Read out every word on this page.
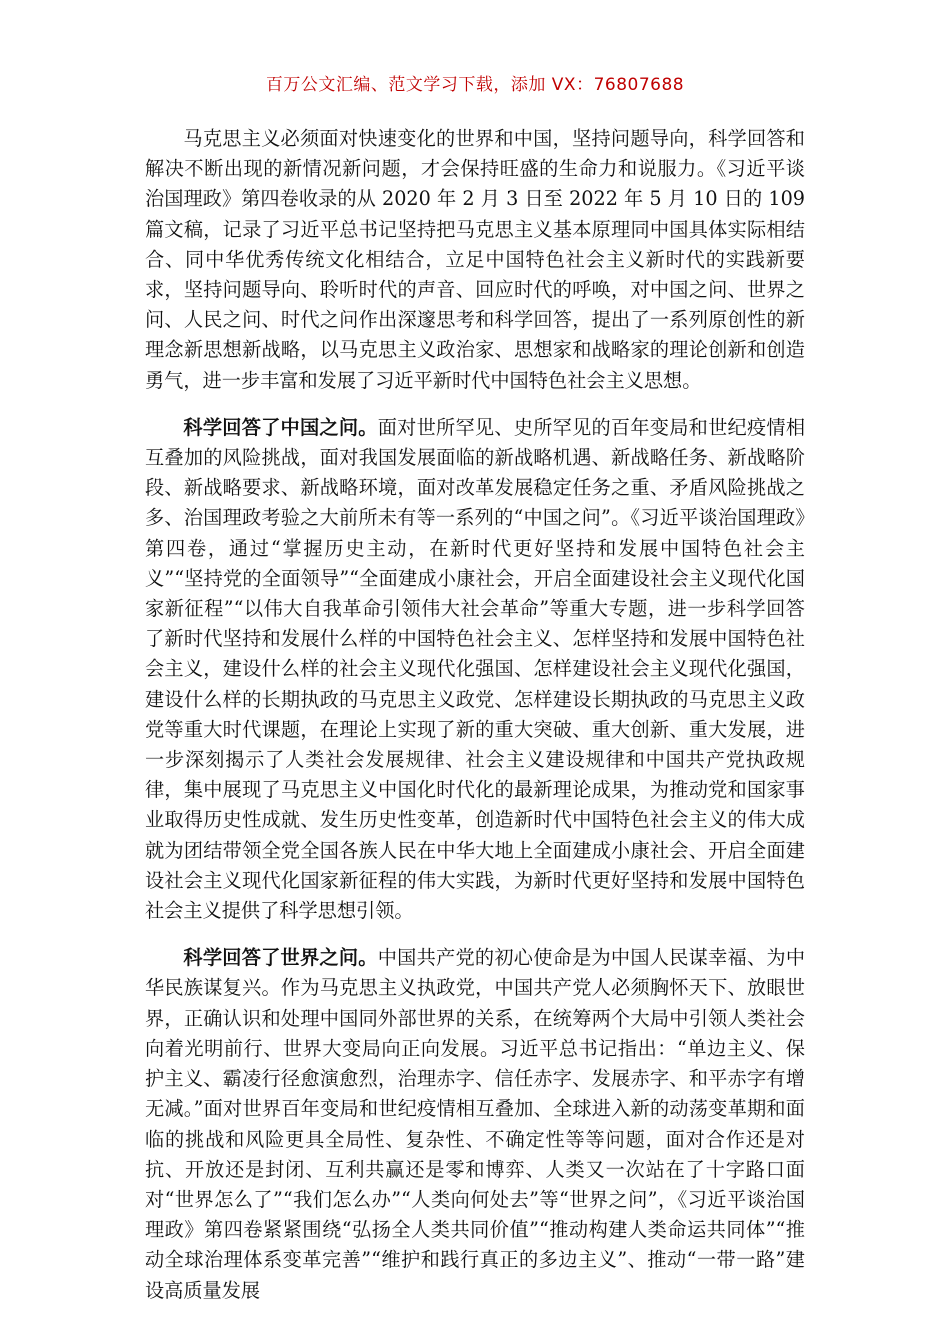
百万公文汇编、范文学习下载，添加 VX：76807688

马克思主义必须面对快速变化的世界和中国，坚持问题导向，科学回答和解决不断出现的新情况新问题，才会保持旺盛的生命力和说服力。《习近平谈治国理政》第四卷收录的从 2020 年 2 月 3 日至 2022 年 5 月 10 日的 109 篇文稿，记录了习近平总书记坚持把马克思主义基本原理同中国具体实际相结合、同中华优秀传统文化相结合，立足中国特色社会主义新时代的实践新要求，坚持问题导向、聆听时代的声音、回应时代的呼唤，对中国之问、世界之问、人民之问、时代之问作出深邃思考和科学回答，提出了一系列原创性的新理念新思想新战略，以马克思主义政治家、思想家和战略家的理论创新和创造勇气，进一步丰富和发展了习近平新时代中国特色社会主义思想。

科学回答了中国之问。面对世所罕见、史所罕见的百年变局和世纪疫情相互叠加的风险挑战，面对我国发展面临的新战略机遇、新战略任务、新战略阶段、新战略要求、新战略环境，面对改革发展稳定任务之重、矛盾风险挑战之多、治国理政考验之大前所未有等一系列的“中国之问”。《习近平谈治国理政》第四卷，通过“掌握历史主动，在新时代更好坚持和发展中国特色社会主义”“坚持党的全面领导”“全面建成小康社会，开启全面建设社会主义现代化国家新征程”“以伟大自我革命引领伟大社会革命”等重大专题，进一步科学回答了新时代坚持和发展什么样的中国特色社会主义、怎样坚持和发展中国特色社会主义，建设什么样的社会主义现代化强国、怎样建设社会主义现代化强国，建设什么样的长期执政的马克思主义政党、怎样建设长期执政的马克思主义政党等重大时代课题，在理论上实现了新的重大突破、重大创新、重大发展，进一步深刻揭示了人类社会发展规律、社会主义建设规律和中国共产党执政规律，集中展现了马克思主义中国化时代化的最新理论成果，为推动党和国家事业取得历史性成就、发生历史性变革，创造新时代中国特色社会主义的伟大成就为团结带领全党全国各族人民在中华大地上全面建成小康社会、开启全面建设社会主义现代化国家新征程的伟大实践，为新时代更好坚持和发展中国特色社会主义提供了科学思想引领。

科学回答了世界之问。中国共产党的初心使命是为中国人民谋幸福、为中华民族谋复兴。作为马克思主义执政党，中国共产党人必须胸怀天下、放眼世界，正确认识和处理中国同外部世界的关系，在统筹两个大局中引领人类社会向着光明前行、世界大变局向正向发展。习近平总书记指出：“单边主义、保护主义、霸凌行径愈演愈烈，治理赤字、信任赤字、发展赤字、和平赤字有增无减。”面对世界百年变局和世纪疫情相互叠加、全球进入新的动荡变革期和面临的挑战和风险更具全局性、复杂性、不确定性等等问题，面对合作还是对抗、开放还是封闭、互利共赢还是零和博弈、人类又一次站在了十字路口面对“世界怎么了”“我们怎么办”“人类向何处去”等“世界之问”，《习近平谈治国理政》第四卷紧紧围绕“弘扬全人类共同价值”“推动构建人类命运共同体”“推动全球治理体系变革完善”“维护和践行真正的多边主义”、推动“一带一路”建设高质量发展
